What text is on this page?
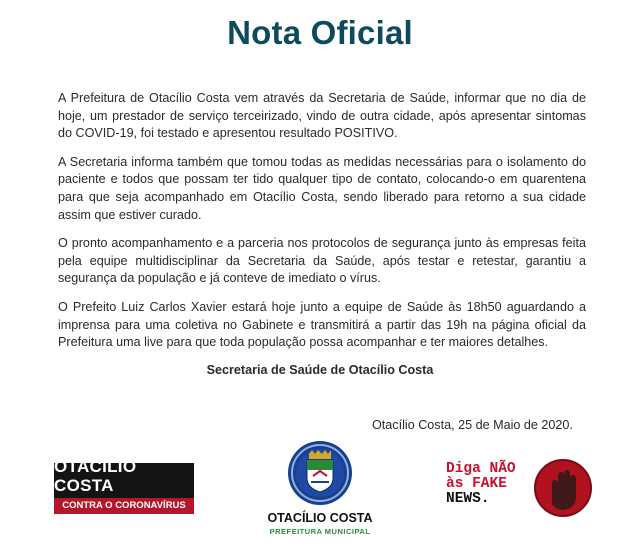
Nota Oficial

A Prefeitura de Otacílio Costa vem através da Secretaria de Saúde, informar que no dia de hoje, um prestador de serviço terceirizado, vindo de outra cidade, após apresentar sintomas do COVID-19, foi testado e apresentou resultado POSITIVO.

A Secretaria informa também que tomou todas as medidas necessárias para o isolamento do paciente e todos que possam ter tido qualquer tipo de contato, colocando-o em quarentena para que seja acompanhado em Otacílio Costa, sendo liberado para retorno a sua cidade assim que estiver curado.

O pronto acompanhamento e a parceria nos protocolos de segurança junto às empresas feita pela equipe multidisciplinar da Secretaria da Saúde, após testar e retestar, garantiu a segurança da população e já conteve de imediato o vírus.

O Prefeito Luiz Carlos Xavier estará hoje junto a equipe de Saúde às 18h50 aguardando a imprensa para uma coletiva no Gabinete e transmitirá a partir das 19h na página oficial da Prefeitura uma live para que toda população possa acompanhar e ter maiores detalhes.

Secretaria de Saúde de Otacílio Costa
Otacílio Costa, 25 de Maio de 2020.
OTACÍLIO COSTA
CONTRA O CORONAVÍRUS
OTACÍLIO COSTA
PREFEITURA MUNICIPAL
Diga NÃO
às FAKE
NEWS.
